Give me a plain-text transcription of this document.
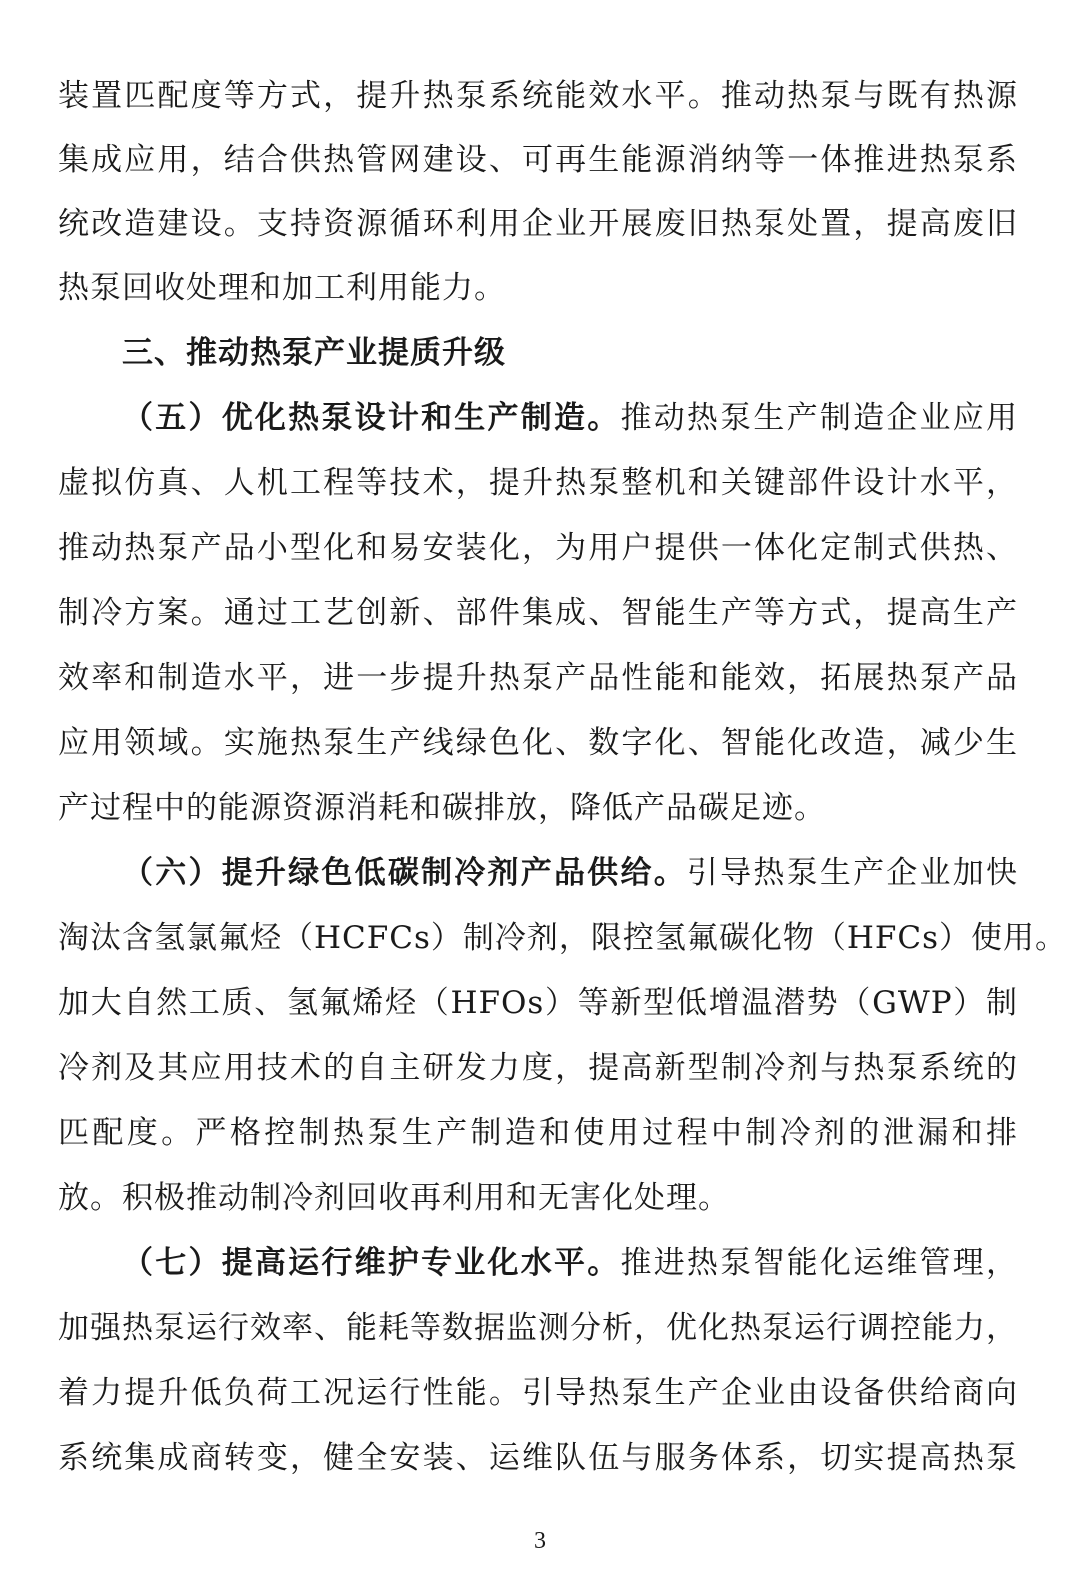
装置匹配度等方式，提升热泵系统能效水平。推动热泵与既有热源
集成应用，结合供热管网建设、可再生能源消纳等一体推进热泵系
统改造建设。支持资源循环利用企业开展废旧热泵处置，提高废旧
热泵回收处理和加工利用能力。
三、推动热泵产业提质升级
（五）优化热泵设计和生产制造。推动热泵生产制造企业应用
虚拟仿真、人机工程等技术，提升热泵整机和关键部件设计水平，
推动热泵产品小型化和易安装化，为用户提供一体化定制式供热、
制冷方案。通过工艺创新、部件集成、智能生产等方式，提高生产
效率和制造水平，进一步提升热泵产品性能和能效，拓展热泵产品
应用领域。实施热泵生产线绿色化、数字化、智能化改造，减少生
产过程中的能源资源消耗和碳排放，降低产品碳足迹。
（六）提升绿色低碳制冷剂产品供给。引导热泵生产企业加快
淘汰含氢氯氟烃（HCFCs）制冷剂，限控氢氟碳化物（HFCs）使用。
加大自然工质、氢氟烯烃（HFOs）等新型低增温潜势（GWP）制
冷剂及其应用技术的自主研发力度，提高新型制冷剂与热泵系统的
匹配度。严格控制热泵生产制造和使用过程中制冷剂的泄漏和排
放。积极推动制冷剂回收再利用和无害化处理。
（七）提高运行维护专业化水平。推进热泵智能化运维管理，
加强热泵运行效率、能耗等数据监测分析，优化热泵运行调控能力，
着力提升低负荷工况运行性能。引导热泵生产企业由设备供给商向
系统集成商转变，健全安装、运维队伍与服务体系，切实提高热泵
3
